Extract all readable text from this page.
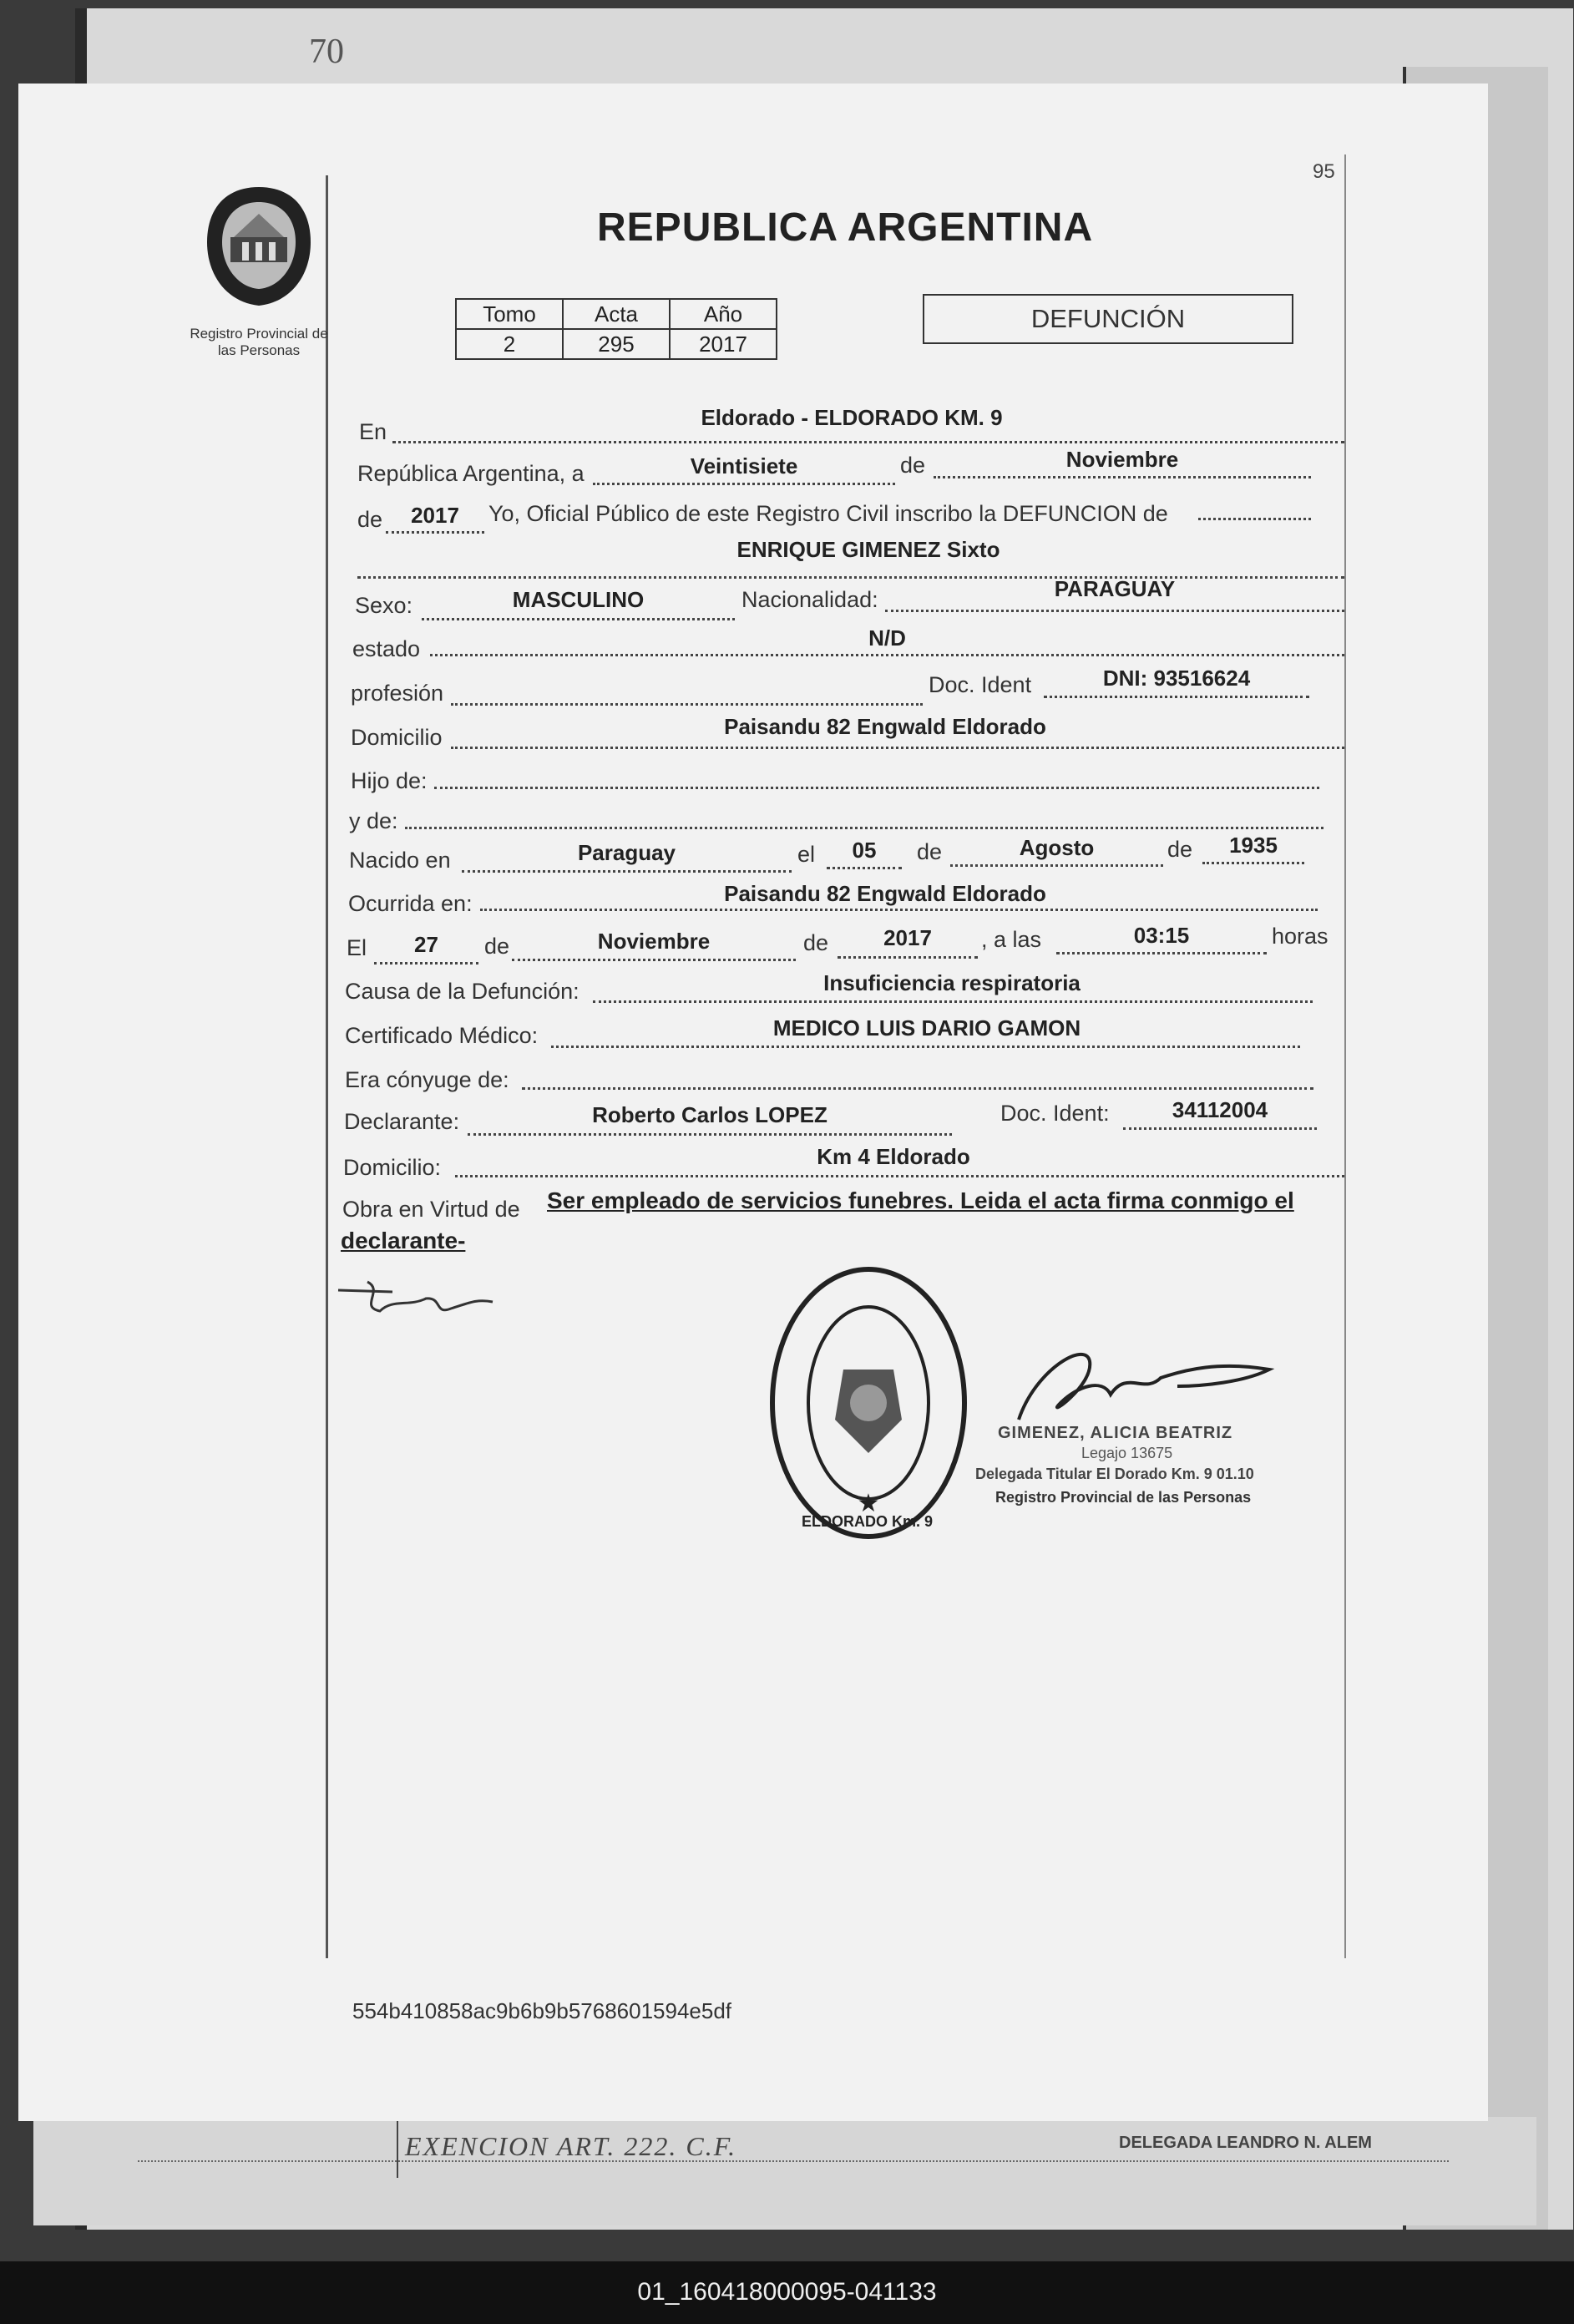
70
EXENCION ART. 222. C.F.	DELEGADA LEANDRO N. ALEM
95
Registro Provincial de
las Personas
REPUBLICA ARGENTINA
Tomo	Acta	Año
2	295	2017
DEFUNCIÓN
En
Eldorado - ELDORADO KM. 9
República Argentina, a	Veintisiete	de	Noviembre
de	2017	Yo, Oficial Público de este Registro Civil inscribo la DEFUNCION de
ENRIQUE GIMENEZ Sixto
Sexo:	MASCULINO	Nacionalidad:	PARAGUAY
estado	N/D
profesión	Doc. Ident	DNI: 93516624
Domicilio	Paisandu 82 Engwald Eldorado
Hijo de:
y de:
Nacido en	Paraguay	el	05	de	Agosto	de	1935
Ocurrida en:	Paisandu 82 Engwald Eldorado
El	27	de	Noviembre	de	2017	, a las	03:15	horas
Causa de la Defunción:	Insuficiencia respiratoria
Certificado Médico:	MEDICO LUIS DARIO GAMON
Era cónyuge de:
Declarante:	Roberto Carlos LOPEZ	Doc. Ident:	34112004
Domicilio:	Km 4 Eldorado
Obra en Virtud de Ser empleado de servicios funebres. Leida el acta firma conmigo el
declarante-
★
ELDORADO Km. 9
GIMENEZ, ALICIA BEATRIZ
Legajo 13675
Delegada Titular El Dorado Km. 9 01.10
Registro Provincial de las Personas
554b410858ac9b6b9b5768601594e5df
01_160418000095-041133
